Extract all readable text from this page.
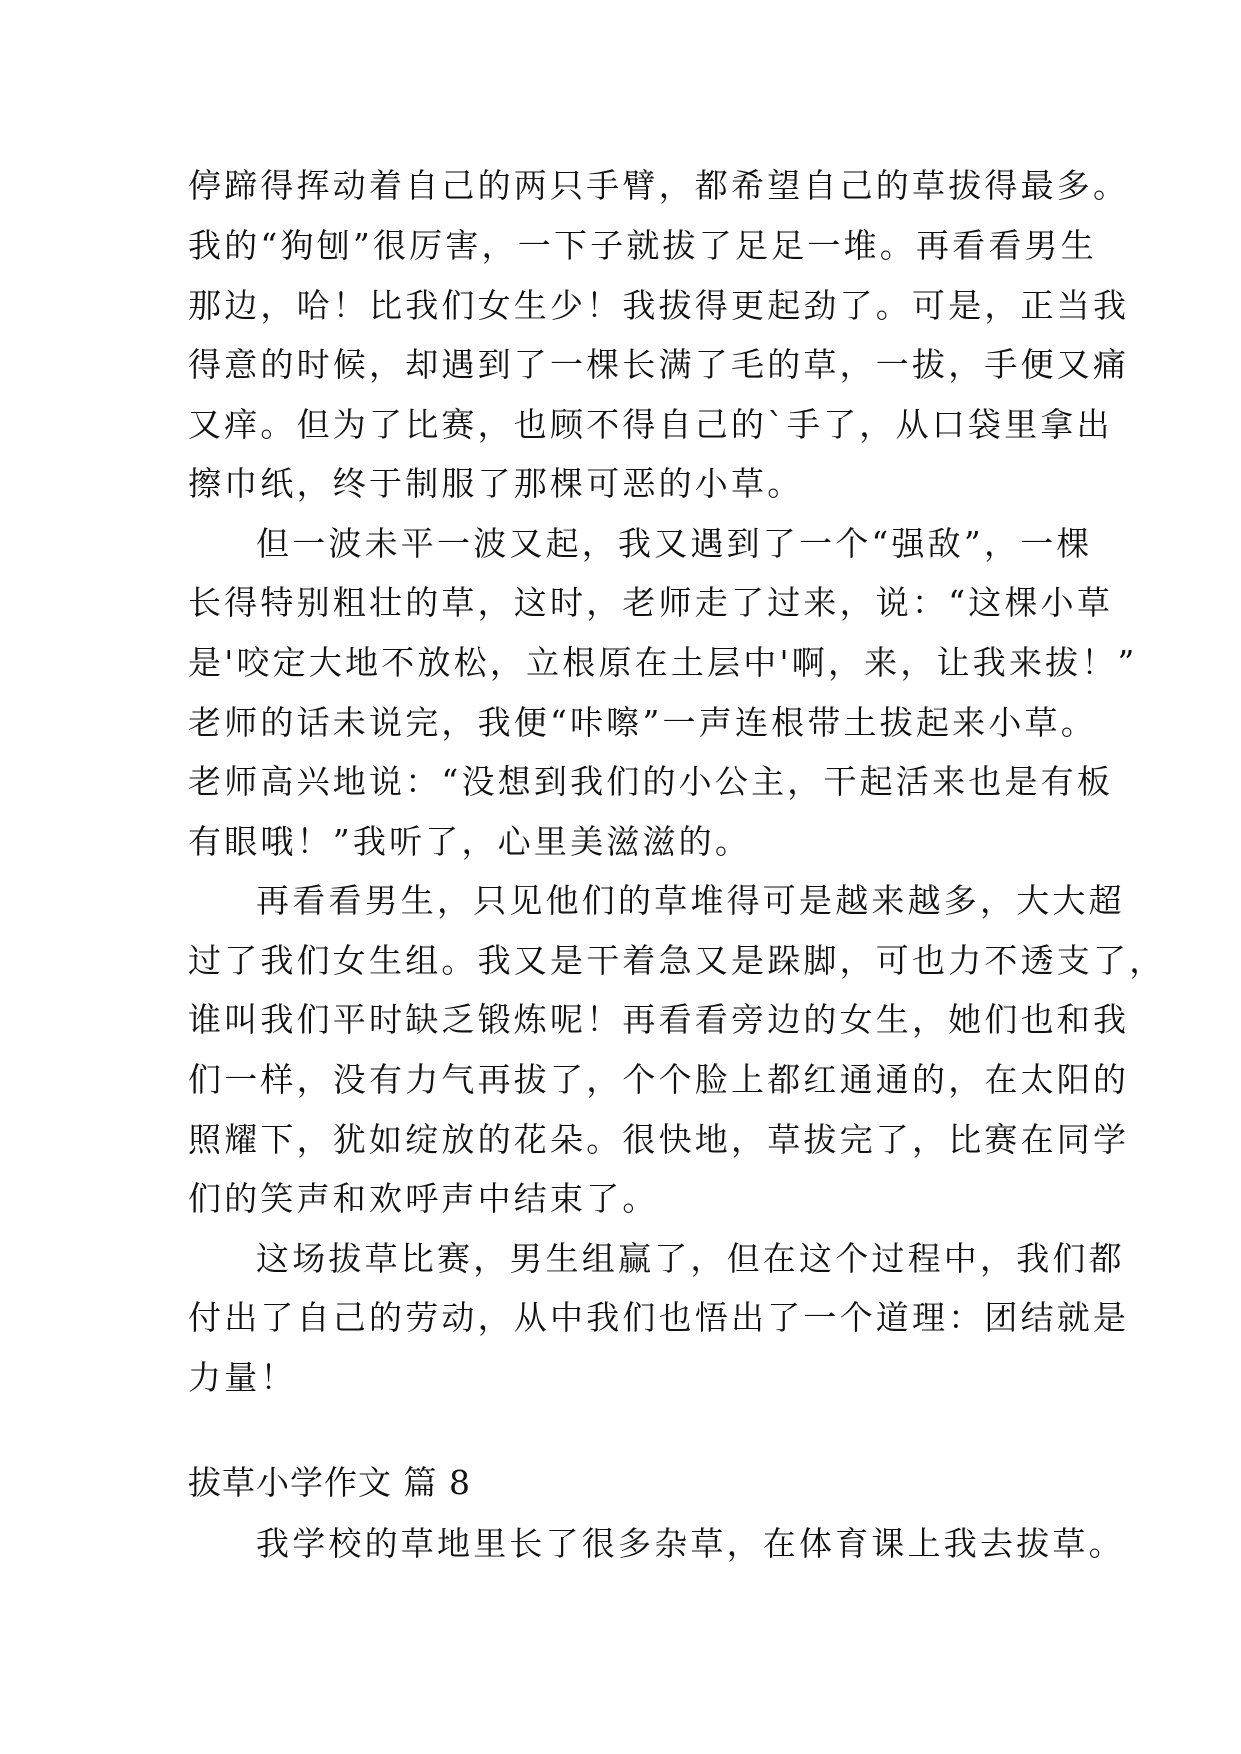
停蹄得挥动着自己的两只手臂，都希望自己的草拔得最多。
我的“狗刨”很厉害，一下子就拔了足足一堆。再看看男生
那边，哈！比我们女生少！我拔得更起劲了。可是，正当我
得意的时候，却遇到了一棵长满了毛的草，一拔，手便又痛
又痒。但为了比赛，也顾不得自己的`手了，从口袋里拿出
擦巾纸，终于制服了那棵可恶的小草。
但一波未平一波又起，我又遇到了一个“强敌”，一棵
长得特别粗壮的草，这时，老师走了过来，说：“这棵小草
是'咬定大地不放松，立根原在土层中'啊，来，让我来拔！”
老师的话未说完，我便“咔嚓”一声连根带土拔起来小草。
老师高兴地说：“没想到我们的小公主，干起活来也是有板
有眼哦！”我听了，心里美滋滋的。
再看看男生，只见他们的草堆得可是越来越多，大大超
过了我们女生组。我又是干着急又是跺脚，可也力不透支了，
谁叫我们平时缺乏锻炼呢！再看看旁边的女生，她们也和我
们一样，没有力气再拔了，个个脸上都红通通的，在太阳的
照耀下，犹如绽放的花朵。很快地，草拔完了，比赛在同学
们的笑声和欢呼声中结束了。
这场拔草比赛，男生组赢了，但在这个过程中，我们都
付出了自己的劳动，从中我们也悟出了一个道理：团结就是
力量！
拔草小学作文 篇 8
我学校的草地里长了很多杂草，在体育课上我去拔草。
